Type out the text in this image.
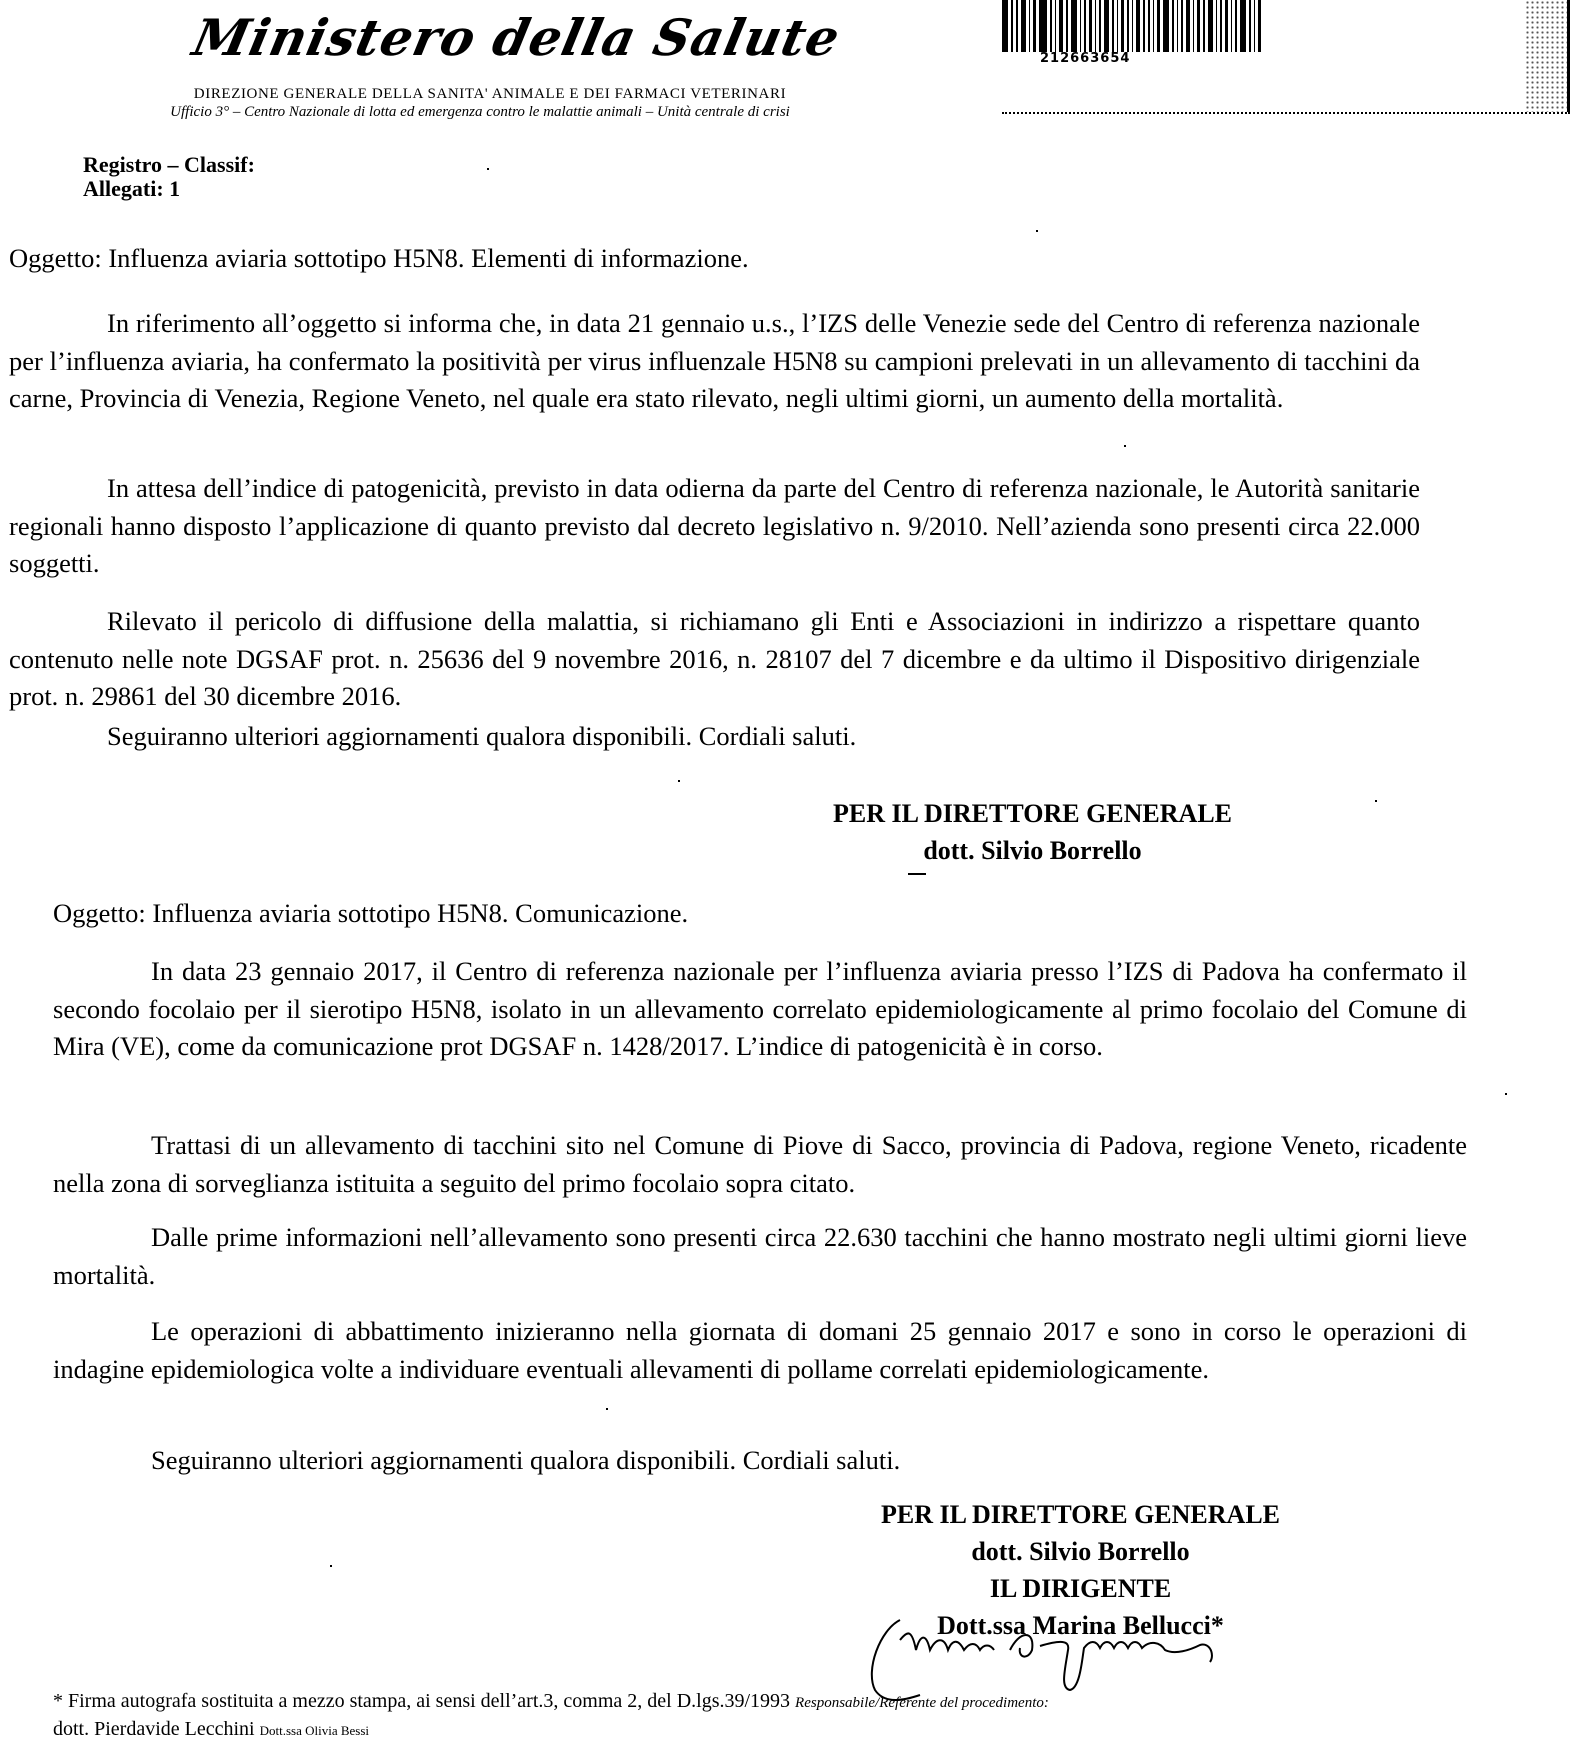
Ministero della Salute
DIREZIONE GENERALE DELLA SANITA' ANIMALE E DEI FARMACI VETERINARI
Ufficio 3° – Centro Nazionale di lotta ed emergenza contro le malattie animali – Unità centrale di crisi
212663654
Registro – Classif:
Allegati: 1
Oggetto: Influenza aviaria sottotipo H5N8. Elementi di informazione.

In riferimento all’oggetto si informa che, in data 21 gennaio u.s., l’IZS delle Venezie sede del Centro di referenza nazionale per l’influenza aviaria, ha confermato la positività per virus influenzale H5N8 su campioni prelevati in un allevamento di tacchini da carne, Provincia di Venezia, Regione Veneto, nel quale era stato rilevato, negli ultimi giorni, un aumento della mortalità.

In attesa dell’indice di patogenicità, previsto in data odierna da parte del Centro di referenza nazionale, le Autorità sanitarie regionali hanno disposto l’applicazione di quanto previsto dal decreto legislativo n. 9/2010. Nell’azienda sono presenti circa 22.000 soggetti.

Rilevato il pericolo di diffusione della malattia, si richiamano gli Enti e Associazioni in indirizzo a rispettare quanto contenuto nelle note DGSAF prot. n. 25636 del 9 novembre 2016, n. 28107 del 7 dicembre e da ultimo il Dispositivo dirigenziale prot. n. 29861 del 30 dicembre 2016.

Seguiranno ulteriori aggiornamenti qualora disponibili. Cordiali saluti.

PER IL DIRETTORE GENERALE
dott. Silvio Borrello
Oggetto: Influenza aviaria sottotipo H5N8. Comunicazione.

In data 23 gennaio 2017, il Centro di referenza nazionale per l’influenza aviaria presso l’IZS di Padova ha confermato il secondo focolaio per il sierotipo H5N8, isolato in un allevamento correlato epidemiologicamente al primo focolaio del Comune di Mira (VE), come da comunicazione prot DGSAF n. 1428/2017. L’indice di patogenicità è in corso.

Trattasi di un allevamento di tacchini sito nel Comune di Piove di Sacco, provincia di Padova, regione Veneto, ricadente nella zona di sorveglianza istituita a seguito del primo focolaio sopra citato.

Dalle prime informazioni nell’allevamento sono presenti circa 22.630 tacchini che hanno mostrato negli ultimi giorni lieve mortalità.

Le operazioni di abbattimento inizieranno nella giornata di domani 25 gennaio 2017 e sono in corso le operazioni di indagine epidemiologica volte a individuare eventuali allevamenti di pollame correlati epidemiologicamente.

Seguiranno ulteriori aggiornamenti qualora disponibili. Cordiali saluti.

PER IL DIRETTORE GENERALE
dott. Silvio Borrello
IL DIRIGENTE
Dott.ssa Marina Bellucci*
* Firma autografa sostituita a mezzo stampa, ai sensi dell’art.3, comma 2, del D.lgs.39/1993 Responsabile/Referente del procedimento:
dott. Pierdavide Lecchini Dott.ssa Olivia Bessi
